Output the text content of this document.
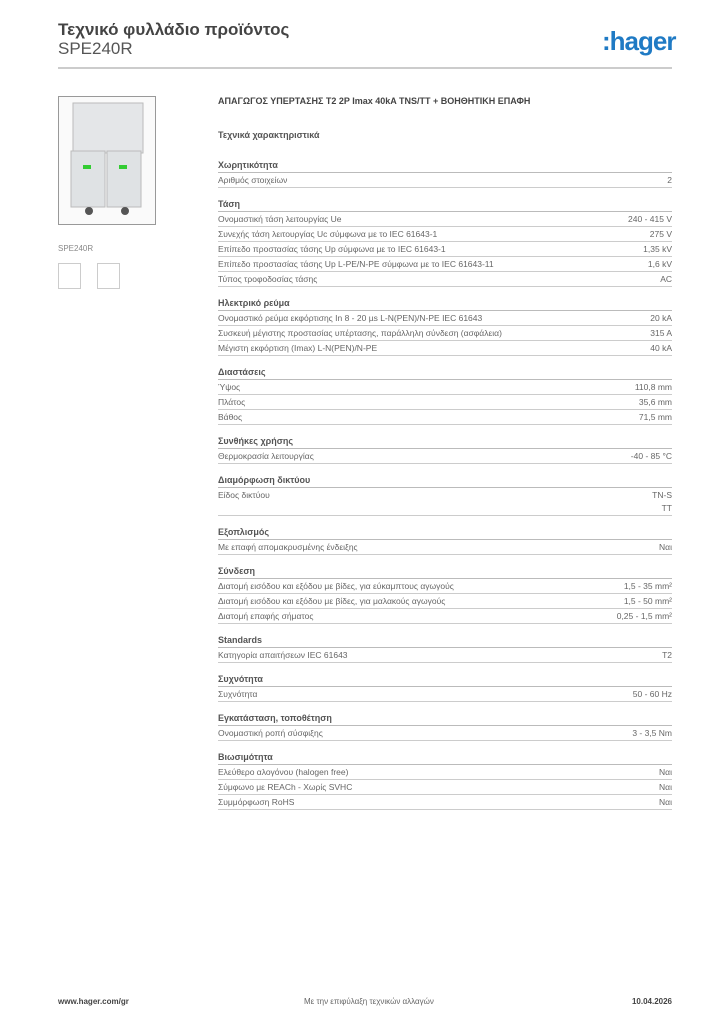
Τεχνικό φυλλάδιο προϊόντος
SPE240R	:hager
SPE240R
ΑΠΑΓΩΓΟΣ ΥΠΕΡΤΑΣΗΣ T2 2P Imax 40kA TNS/TT + ΒΟΗΘΗΤΙΚΗ ΕΠΑΦΗ
Τεχνικά χαρακτηριστικά
Χωρητικότητα
Αριθμός στοιχείων	2
Τάση
Ονομαστική τάση λειτουργίας Ue	240 - 415 V
Συνεχής τάση λειτουργίας Uc σύμφωνα με το IEC 61643-1	275 V
Επίπεδο προστασίας τάσης Up σύμφωνα με το IEC 61643-1	1,35 kV
Επίπεδο προστασίας τάσης Up L-PE/N-PE σύμφωνα με το IEC 61643-11	1,6 kV
Τύπος τροφοδοσίας τάσης	AC
Ηλεκτρικό ρεύμα
Ονομαστικό ρεύμα εκφόρτισης In 8 - 20 µs L-N(PEN)/N-PE IEC 61643	20 kA
Συσκευή μέγιστης προστασίας υπέρτασης, παράλληλη σύνδεση (ασφάλεια)	315 A
Μέγιστη εκφόρτιση (Imax) L-N(PEN)/N-PE	40 kA
Διαστάσεις
Ύψος	110,8 mm
Πλάτος	35,6 mm
Βάθος	71,5 mm
Συνθήκες χρήσης
Θερμοκρασία λειτουργίας	-40 - 85 °C
Διαμόρφωση δικτύου
Είδος δικτύου	TN-S
TT
Εξοπλισμός
Με επαφή απομακρυσμένης ένδειξης	Ναι
Σύνδεση
Διατομή εισόδου και εξόδου με βίδες, για εύκαμπτους αγωγούς	1,5 - 35 mm²
Διατομή εισόδου και εξόδου με βίδες, για μαλακούς αγωγούς	1,5 - 50 mm²
Διατομή επαφής σήματος	0,25 - 1,5 mm²
Standards
Κατηγορία απαιτήσεων IEC 61643	T2
Συχνότητα
Συχνότητα	50 - 60 Hz
Εγκατάσταση, τοποθέτηση
Ονομαστική ροπή σύσφιξης	3 - 3,5 Nm
Βιωσιμότητα
Ελεύθερο αλογόνου (halogen free)	Ναι
Σύμφωνο με REACh - Χωρίς SVHC	Ναι
Συμμόρφωση RoHS	Ναι
www.hager.com/gr	Με την επιφύλαξη τεχνικών αλλαγών	10.04.2026
